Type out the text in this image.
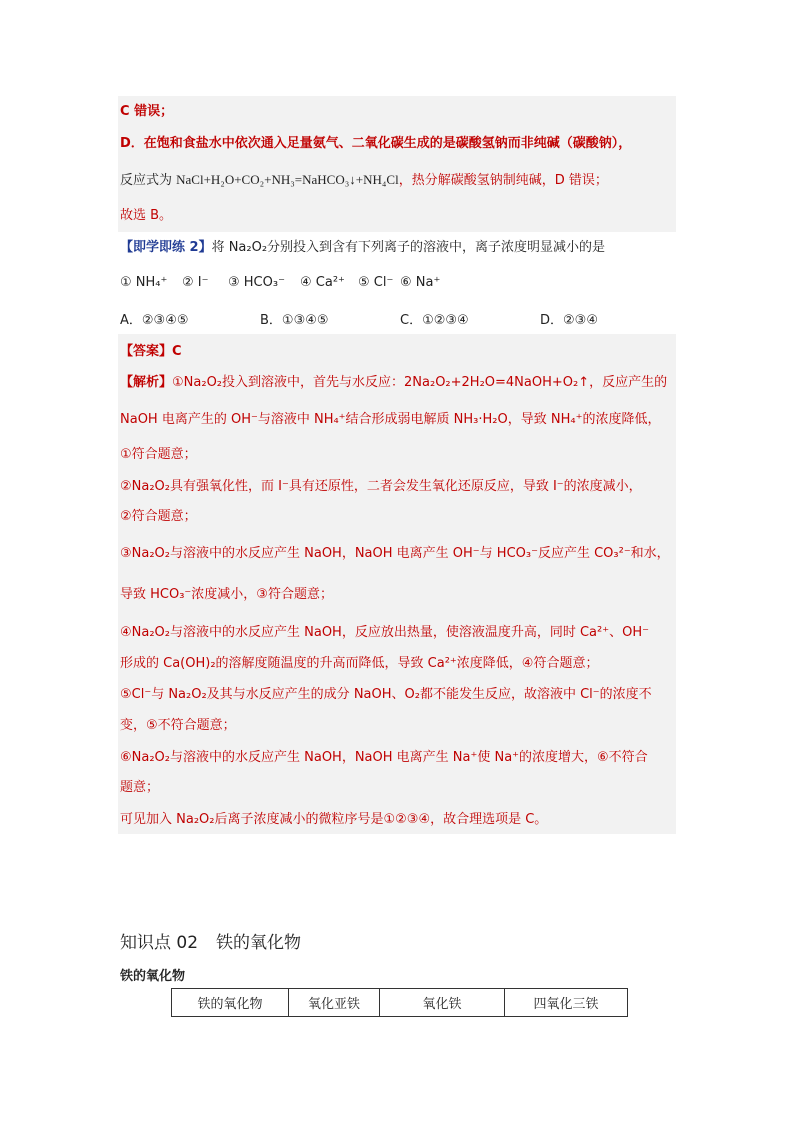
C 错误；
D．在饱和食盐水中依次通入足量氨气、二氧化碳生成的是碳酸氢钠而非纯碱（碳酸钠），
反应式为 NaCl+H₂O+CO₂+NH₃=NaHCO₃↓+NH₄Cl，热分解碳酸氢钠制纯碱，D 错误；
故选 B。
【即学即练 2】将 Na₂O₂分别投入到含有下列离子的溶液中，离子浓度明显减小的是
① NH₄⁺ ② I⁻ ③ HCO₃⁻ ④ Ca²⁺ ⑤ Cl⁻ ⑥ Na⁺
A．②③④⑤	B．①③④⑤	C．①②③④	D．②③④
【答案】C
【解析】①Na₂O₂投入到溶液中，首先与水反应：2Na₂O₂+2H₂O=4NaOH+O₂↑，反应产生的
NaOH 电离产生的 OH⁻与溶液中 NH₄⁺结合形成弱电解质 NH₃·H₂O，导致 NH₄⁺的浓度降低，
①符合题意；
②Na₂O₂具有强氧化性，而 I⁻具有还原性，二者会发生氧化还原反应，导致 I⁻的浓度减小，
②符合题意；
③Na₂O₂与溶液中的水反应产生 NaOH，NaOH 电离产生 OH⁻与 HCO₃⁻反应产生 CO₃²⁻和水，
导致 HCO₃⁻浓度减小，③符合题意；
④Na₂O₂与溶液中的水反应产生 NaOH，反应放出热量，使溶液温度升高，同时 Ca²⁺、OH⁻
形成的 Ca(OH)₂的溶解度随温度的升高而降低，导致 Ca²⁺浓度降低，④符合题意；
⑤Cl⁻与 Na₂O₂及其与水反应产生的成分 NaOH、O₂都不能发生反应，故溶液中 Cl⁻的浓度不
变，⑤不符合题意；
⑥Na₂O₂与溶液中的水反应产生 NaOH，NaOH 电离产生 Na⁺使 Na⁺的浓度增大，⑥不符合
题意；
可见加入 Na₂O₂后离子浓度减小的微粒序号是①②③④，故合理选项是 C。
知识点 02 铁的氧化物
铁的氧化物
铁的氧化物	氧化亚铁	氧化铁	四氧化三铁
